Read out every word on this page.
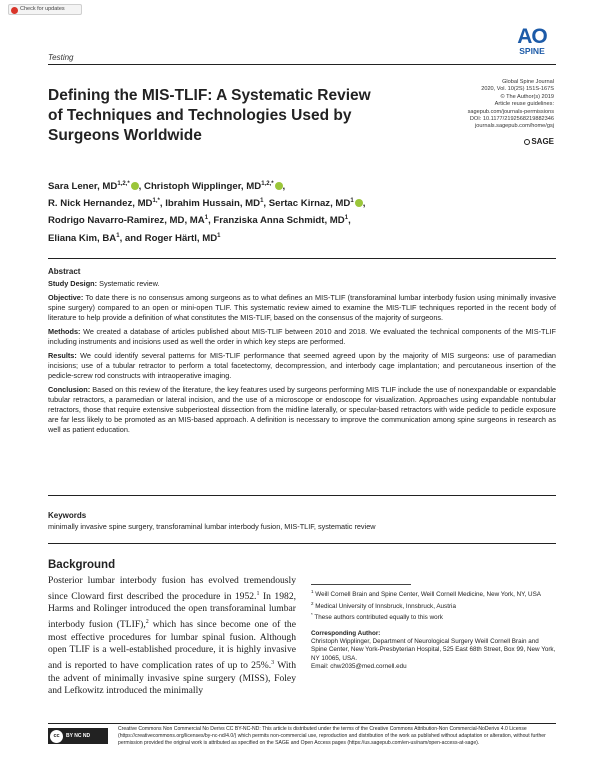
Check for updates
Testing
AO
SPINE
Global Spine Journal
2020, Vol. 10(2S) 151S-167S
© The Author(s) 2019
Article reuse guidelines:
sagepub.com/journals-permissions
DOI: 10.1177/2192568219882346
journals.sagepub.com/home/gsj
SAGE
Defining the MIS-TLIF: A Systematic Review of Techniques and Technologies Used by Surgeons Worldwide
Sara Lener, $MD^{1,2,*}$ , Christoph Wipplinger, $MD^{1,2,*}$ ,
R. Nick Hernandez, $MD^{1,*}$, Ibrahim Hussain, $MD^1$, Sertac Kirnaz, $MD^1$ ,
Rodrigo Navarro-Ramirez, MD, $MA^1$, Franziska Anna Schmidt, $MD^1$,
Eliana Kim, $BA^1$, and Roger Härtl, $MD^1$
Abstract

Study Design: Systematic review.

Objective: To date there is no consensus among surgeons as to what defines an MIS-TLIF (transforaminal lumbar interbody fusion using minimally invasive spine surgery) compared to an open or mini-open TLIF. This systematic review aimed to examine the MIS-TLIF techniques reported in the recent body of literature to help provide a definition of what constitutes the MIS-TLIF, based on the consensus of the majority of surgeons.

Methods: We created a database of articles published about MIS-TLIF between 2010 and 2018. We evaluated the technical components of the MIS-TLIF including instruments and incisions used as well the order in which key steps are performed.

Results: We could identify several patterns for MIS-TLIF performance that seemed agreed upon by the majority of MIS surgeons: use of paramedian incisions; use of a tubular retractor to perform a total facetectomy, decompression, and interbody cage implantation; and percutaneous insertion of the pedicle-screw rod constructs with intraoperative imaging.

Conclusion: Based on this review of the literature, the key features used by surgeons performing MIS TLIF include the use of nonexpandable or expandable tubular retractors, a paramedian or lateral incision, and the use of a microscope or endoscope for visualization. Approaches using expandable nontubular retractors, those that require extensive subperiosteal dissection from the midline laterally, or specular-based retractors with wide pedicle to pedicle exposure are far less likely to be promoted as an MIS-based approach. A definition is necessary to improve the communication among spine surgeons in research as well as patient education.

Keywords
minimally invasive spine surgery, transforaminal lumbar interbody fusion, MIS-TLIF, systematic review
Background
Posterior lumbar interbody fusion has evolved tremendously since Cloward first described the procedure in 1952.$^1$ In 1982, Harms and Rolinger introduced the open transforaminal lumbar interbody fusion (TLIF),$^2$ which has since become one of the most effective procedures for lumbar spinal fusion. Although open TLIF is a well-established procedure, it is highly invasive and is reported to have complication rates of up to 25%.$^3$ With the advent of minimally invasive spine surgery (MISS), Foley and Lefkowitz introduced the minimally

$^1$ Weill Cornell Brain and Spine Center, Weill Cornell Medicine, New York, NY, USA

$^2$ Medical University of Innsbruck, Innsbruck, Austria

* These authors contributed equally to this work

Corresponding Author:

Christoph Wipplinger, Department of Neurological Surgery Weill Cornell Brain and Spine Center, New York-Presbyterian Hospital, 525 East 68th Street, Box 99, New York, NY 10065, USA.

Email: chw2035@med.cornell.edu

cc	BY NC ND
Creative Commons Non Commercial No Derivs CC BY-NC-ND: This article is distributed under the terms of the Creative Commons Attribution-Non Commercial-NoDerivs 4.0 License (https://creativecommons.org/licenses/by-nc-nd/4.0/) which permits non-commercial use, reproduction and distribution of the work as published without adaptation or alteration, without further permission provided the original work is attributed as specified on the SAGE and Open Access pages (https://us.sagepub.com/en-us/nam/open-access-at-sage).
